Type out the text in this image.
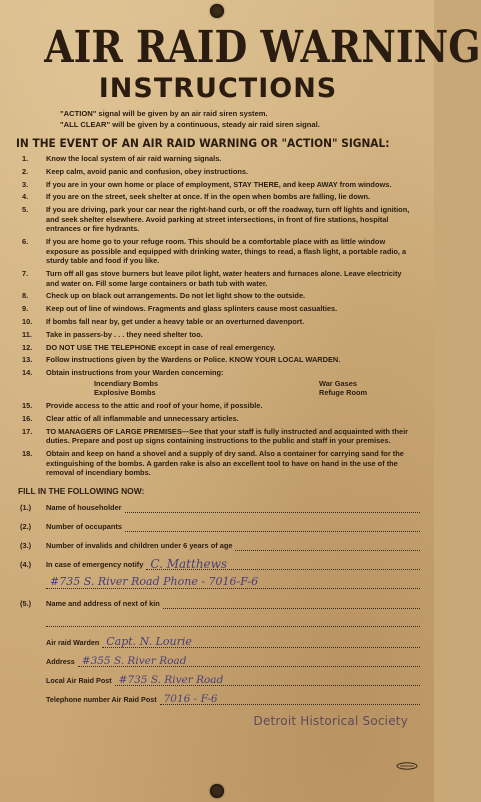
AIR RAID WARNING
INSTRUCTIONS
"ACTION" signal will be given by an air raid siren system.
"ALL CLEAR" will be given by a continuous, steady air raid siren signal.
IN THE EVENT OF AN AIR RAID WARNING OR "ACTION" SIGNAL:
1.	Know the local system of air raid warning signals.
2.	Keep calm, avoid panic and confusion, obey instructions.
3.	If you are in your own home or place of employment, STAY THERE, and keep AWAY from windows.
4.	If you are on the street, seek shelter at once. If in the open when bombs are falling, lie down.
5.	If you are driving, park your car near the right-hand curb, or off the roadway, turn off lights and ignition, and seek shelter elsewhere. Avoid parking at street intersections, in front of fire stations, hospital entrances or fire hydrants.
6.	If you are home go to your refuge room. This should be a comfortable place with as little window exposure as possible and equipped with drinking water, things to read, a flash light, a portable radio, a sturdy table and food if you like.
7.	Turn off all gas stove burners but leave pilot light, water heaters and furnaces alone. Leave electricity and water on. Fill some large containers or bath tub with water.
8.	Check up on black out arrangements. Do not let light show to the outside.
9.	Keep out of line of windows. Fragments and glass splinters cause most casualties.
10.	If bombs fall near by, get under a heavy table or an overturned davenport.
11.	Take in passers-by . . . they need shelter too.
12.	DO NOT USE THE TELEPHONE except in case of real emergency.
13.	Follow instructions given by the Wardens or Police. KNOW YOUR LOCAL WARDEN.
14.	Obtain instructions from your Warden concerning:
Incendiary Bombs	War Gases
Explosive Bombs	Refuge Room
15.	Provide access to the attic and roof of your home, if possible.
16.	Clear attic of all inflammable and unnecessary articles.
17.	TO MANAGERS OF LARGE PREMISES—See that your staff is fully instructed and acquainted with their duties. Prepare and post up signs containing instructions to the public and staff in your premises.
18.	Obtain and keep on hand a shovel and a supply of dry sand. Also a container for carrying sand for the extinguishing of the bombs. A garden rake is also an excellent tool to have on hand in the use of the removal of incendiary bombs.
FILL IN THE FOLLOWING NOW:
(1.)	Name of householder
(2.)	Number of occupants
(3.)	Number of invalids and children under 6 years of age
(4.)	In case of emergency notify C. Matthews
#735 S. River Road Phone - 7016-F-6
(5.)	Name and address of next of kin
Air raid Warden Capt. N. Lourie
Address #355 S. River Road
Local Air Raid Post #735 S. River Road
Telephone number Air Raid Post 7016 - F-6
Detroit Historical Society
